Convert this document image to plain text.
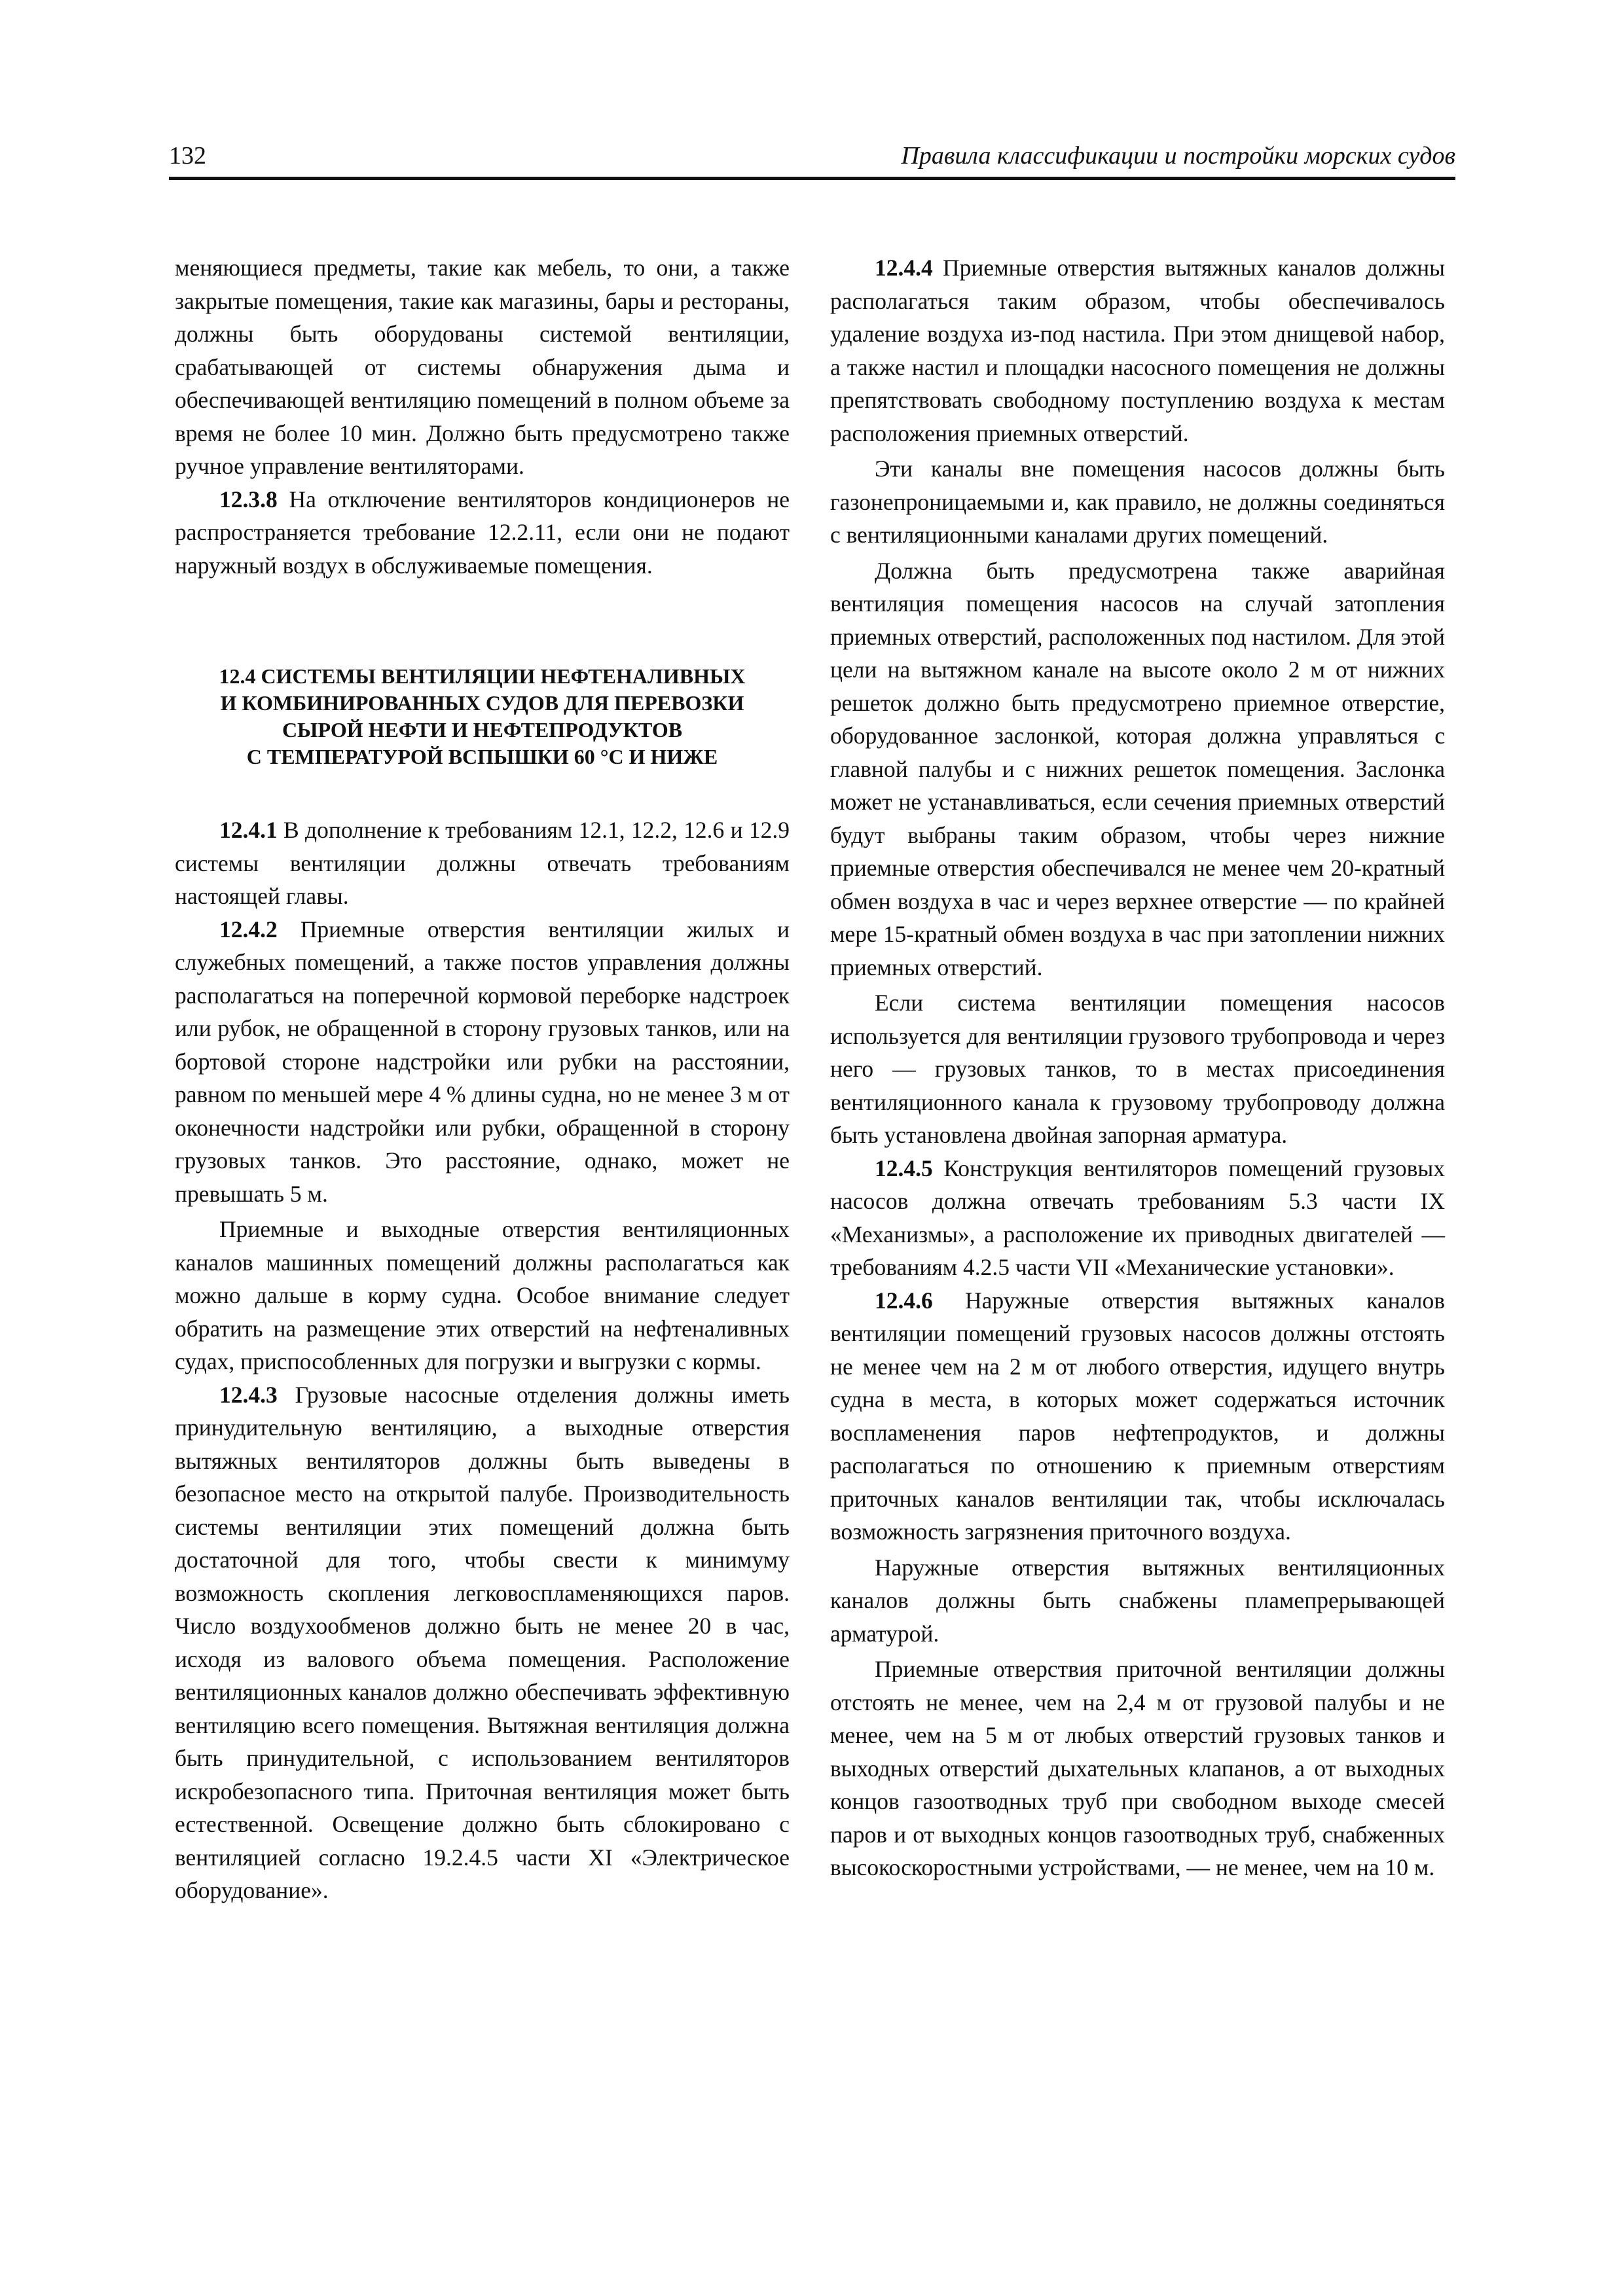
132	Правила классификации и постройки морских судов

меняющиеся предметы, такие как мебель, то они, а также закрытые помещения, такие как магазины, бары и рестораны, должны быть оборудованы системой вентиляции, срабатывающей от системы обнаружения дыма и обеспечивающей вентиляцию помещений в полном объеме за время не более 10 мин. Должно быть предусмотрено также ручное управление вентиляторами.

12.3.8 На отключение вентиляторов кондиционеров не распространяется требование 12.2.11, если они не подают наружный воздух в обслуживаемые помещения.

12.4 СИСТЕМЫ ВЕНТИЛЯЦИИ НЕФТЕНАЛИВНЫХ
И КОМБИНИРОВАННЫХ СУДОВ ДЛЯ ПЕРЕВОЗКИ
СЫРОЙ НЕФТИ И НЕФТЕПРОДУКТОВ
С ТЕМПЕРАТУРОЙ ВСПЫШКИ 60 °С И НИЖЕ

12.4.1 В дополнение к требованиям 12.1, 12.2, 12.6 и 12.9 системы вентиляции должны отвечать требованиям настоящей главы.

12.4.2 Приемные отверстия вентиляции жилых и служебных помещений, а также постов управления должны располагаться на поперечной кормовой переборке надстроек или рубок, не обращенной в сторону грузовых танков, или на бортовой стороне надстройки или рубки на расстоянии, равном по меньшей мере 4 % длины судна, но не менее 3 м от оконечности надстройки или рубки, обращенной в сторону грузовых танков. Это расстояние, однако, может не превышать 5 м.

Приемные и выходные отверстия вентиляционных каналов машинных помещений должны располагаться как можно дальше в корму судна. Особое внимание следует обратить на размещение этих отверстий на нефтеналивных судах, приспособленных для погрузки и выгрузки с кормы.

12.4.3 Грузовые насосные отделения должны иметь принудительную вентиляцию, а выходные отверстия вытяжных вентиляторов должны быть выведены в безопасное место на открытой палубе. Производительность системы вентиляции этих помещений должна быть достаточной для того, чтобы свести к минимуму возможность скопления легковоспламеняющихся паров. Число воздухообменов должно быть не менее 20 в час, исходя из валового объема помещения. Расположение вентиляционных каналов должно обеспечивать эффективную вентиляцию всего помещения. Вытяжная вентиляция должна быть принудительной, с использованием вентиляторов искробезопасного типа. Приточная вентиляция может быть естественной. Освещение должно быть сблокировано с вентиляцией согласно 19.2.4.5 части XI «Электрическое оборудование».

12.4.4 Приемные отверстия вытяжных каналов должны располагаться таким образом, чтобы обеспечивалось удаление воздуха из-под настила. При этом днищевой набор, а также настил и площадки насосного помещения не должны препятствовать свободному поступлению воздуха к местам расположения приемных отверстий.

Эти каналы вне помещения насосов должны быть газонепроницаемыми и, как правило, не должны соединяться с вентиляционными каналами других помещений.

Должна быть предусмотрена также аварийная вентиляция помещения насосов на случай затопления приемных отверстий, расположенных под настилом. Для этой цели на вытяжном канале на высоте около 2 м от нижних решеток должно быть предусмотрено приемное отверстие, оборудованное заслонкой, которая должна управляться с главной палубы и с нижних решеток помещения. Заслонка может не устанавливаться, если сечения приемных отверстий будут выбраны таким образом, чтобы через нижние приемные отверстия обеспечивался не менее чем 20-кратный обмен воздуха в час и через верхнее отверстие — по крайней мере 15-кратный обмен воздуха в час при затоплении нижних приемных отверстий.

Если система вентиляции помещения насосов используется для вентиляции грузового трубопровода и через него — грузовых танков, то в местах присоединения вентиляционного канала к грузовому трубопроводу должна быть установлена двойная запорная арматура.

12.4.5 Конструкция вентиляторов помещений грузовых насосов должна отвечать требованиям 5.3 части IX «Механизмы», а расположение их приводных двигателей — требованиям 4.2.5 части VII «Механические установки».

12.4.6 Наружные отверстия вытяжных каналов вентиляции помещений грузовых насосов должны отстоять не менее чем на 2 м от любого отверстия, идущего внутрь судна в места, в которых может содержаться источник воспламенения паров нефтепродуктов, и должны располагаться по отношению к приемным отверстиям приточных каналов вентиляции так, чтобы исключалась возможность загрязнения приточного воздуха.

Наружные отверстия вытяжных вентиляционных каналов должны быть снабжены пламепрерывающей арматурой.

Приемные отверствия приточной вентиляции должны отстоять не менее, чем на 2,4 м от грузовой палубы и не менее, чем на 5 м от любых отверстий грузовых танков и выходных отверстий дыхательных клапанов, а от выходных концов газоотводных труб при свободном выходе смесей паров и от выходных концов газоотводных труб, снабженных высокоскоростными устройствами, — не менее, чем на 10 м.
